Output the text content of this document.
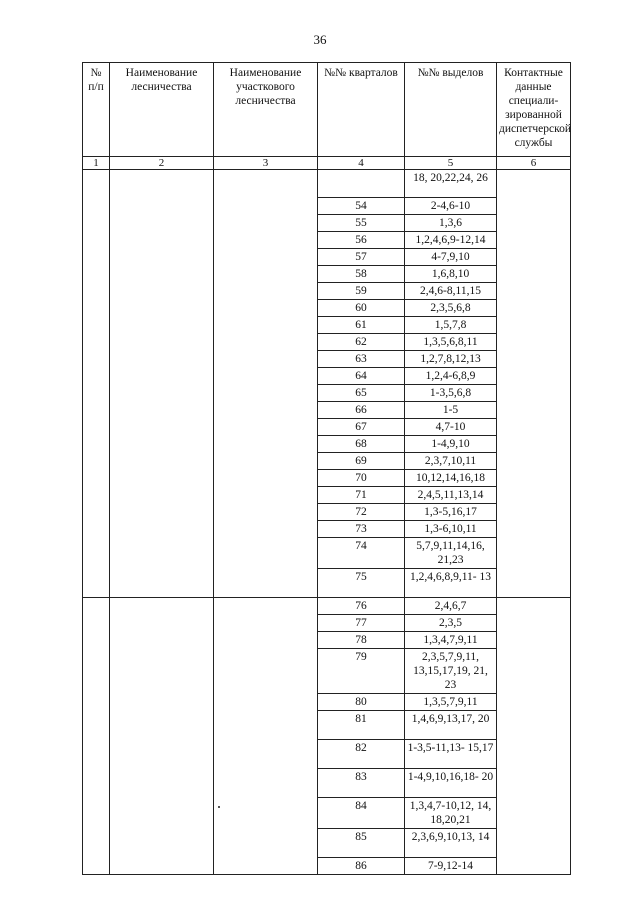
36
№ п/п	Наименование лесничества	Наименование участкового лесничества	№№ кварталов	№№ выделов	Контактные данные специали-зированной диспетчерской службы
1	2	3	4	5	6
				18, 20,22,24, 26	
			54	2-4,6-10	
			55	1,3,6	
			56	1,2,4,6,9-12,14	
			57	4-7,9,10	
			58	1,6,8,10	
			59	2,4,6-8,11,15	
			60	2,3,5,6,8	
			61	1,5,7,8	
			62	1,3,5,6,8,11	
			63	1,2,7,8,12,13	
			64	1,2,4-6,8,9	
			65	1-3,5,6,8	
			66	1-5	
			67	4,7-10	
			68	1-4,9,10	
			69	2,3,7,10,11	
			70	10,12,14,16,18	
			71	2,4,5,11,13,14	
			72	1,3-5,16,17	
			73	1,3-6,10,11	
			74	5,7,9,11,14,16, 21,23	
			75	1,2,4,6,8,9,11- 13	
			76	2,4,6,7	
			77	2,3,5	
			78	1,3,4,7,9,11	
			79	2,3,5,7,9,11, 13,15,17,19, 21, 23	
			80	1,3,5,7,9,11	
			81	1,4,6,9,13,17, 20	
			82	1-3,5-11,13- 15,17	
			83	1-4,9,10,16,18- 20	
			84	1,3,4,7-10,12, 14, 18,20,21	
			85	2,3,6,9,10,13, 14	
			86	7-9,12-14	
